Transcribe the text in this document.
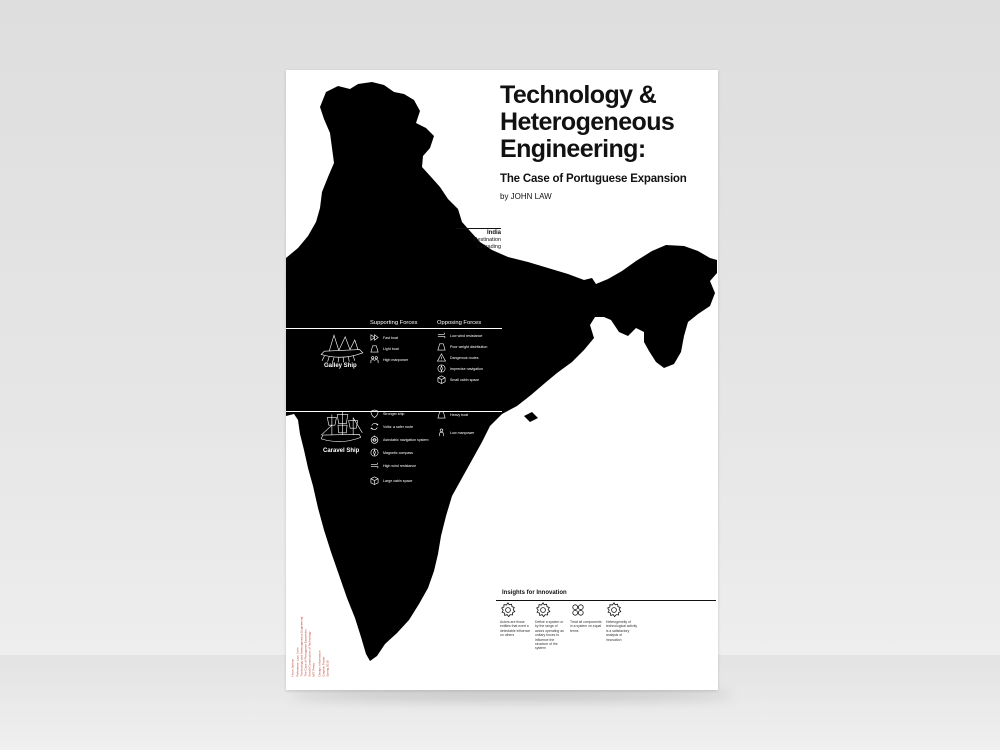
Technology &
Heterogeneous
Engineering:
The Case of Portuguese Expansion
by JOHN LAW
India
Destination
for trading
Supporting Forces	Opposing Forces
Galley Ship
Caravel Ship
Fast boat
Light boat
High manpower
Low wind resistance
Poor weight distribution
Dangerous routes
Imprecise navigation
Small cabin space
Stronger ship
Volta: a safer route
Astrolabic navigation system
Magnetic compass
High wind resistance
Large cabin space
Heavy boat
Low manpower
Insights for Innovation
Actors are those entities that exert a detectable influence on others
Define a system or by the range of actors operating as unitary forces to influence the structure of the system
Treat all components in a system on equal terms
Heterogeneity of technological activity is a satisfactory analysis of innovation
Hyun Jaehun Reference: Law, John 'Technology and Heterogeneous Engineering' The Case of Portuguese Expansion Social Construction of Technology MIT Press Design: Information Graphic Poster Spring 2018
